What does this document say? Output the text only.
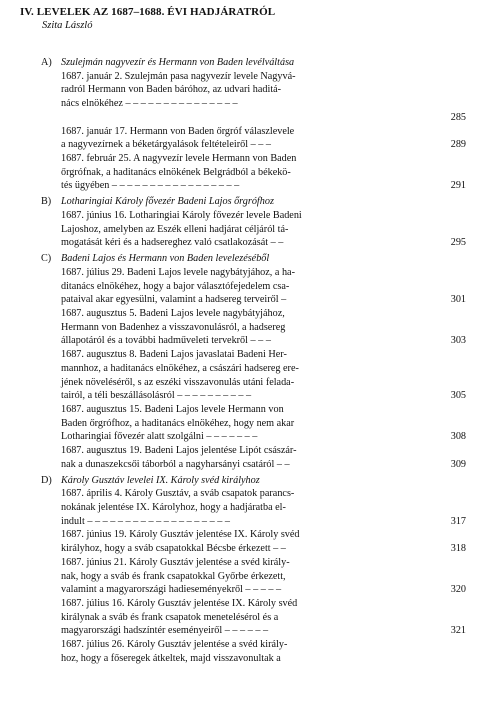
IV. LEVELEK AZ 1687–1688. ÉVI HADJÁRATRÓL
Szita László
A) Szulejmán nagyvezír és Hermann von Baden levélváltása
1687. január 2. Szulejmán pasa nagyvezír levele Nagyvá-
radról Hermann von Baden báróhoz, az udvari haditá-
nács elnökéhez – – – – – – – – – – – – – – –
285
1687. január 17. Hermann von Baden őrgróf válaszlevele
a nagyvezírnek a béketárgyalások feltételeiről – – –	289
1687. február 25. A nagyvezír levele Hermann von Baden
őrgrófnak, a haditanács elnökének Belgrádból a békekö-
tés ügyében – – – – – – – – – – – – – – – – –	291
B) Lotharingiai Károly fővezér Badeni Lajos őrgrófhoz
1687. június 16. Lotharingiai Károly fővezér levele Badeni
Lajoshoz, amelyben az Eszék elleni hadjárat céljáról tá-
mogatását kéri és a hadsereghez való csatlakozását – –	295
C) Badeni Lajos és Hermann von Baden levelezéséből
1687. július 29. Badeni Lajos levele nagybátyjához, a ha-
ditanács elnökéhez, hogy a bajor választófejedelem csa-
pataival akar egyesülni, valamint a hadsereg terveiről –	301
1687. augusztus 5. Badeni Lajos levele nagybátyjához,
Hermann von Badenhez a visszavonulásról, a hadsereg
állapotáról és a további hadműveleti tervekről – – –	303
1687. augusztus 8. Badeni Lajos javaslatai Badeni Her-
mannhoz, a haditanács elnökéhez, a császári hadsereg ere-
jének növeléséről, s az eszéki visszavonulás utáni felada-
tairól, a téli beszállásolásról – – – – – – – – – –	305
1687. augusztus 15. Badeni Lajos levele Hermann von
Baden őrgrófhoz, a haditanács elnökéhez, hogy nem akar
Lotharingiai fővezér alatt szolgálni – – – – – – –	308
1687. augusztus 19. Badeni Lajos jelentése Lipót császár-
nak a dunaszekcsői táborból a nagyharsányi csatáról – –	309
D) Károly Gusztáv levelei IX. Károly svéd királyhoz
1687. április 4. Károly Gusztáv, a sváb csapatok parancs-
nokának jelentése IX. Károlyhoz, hogy a hadjáratba el-
indult – – – – – – – – – – – – – – – – – – –	317
1687. június 19. Károly Gusztáv jelentése IX. Károly svéd
királyhoz, hogy a sváb csapatokkal Bécsbe érkezett – –	318
1687. június 21. Károly Gusztáv jelentése a svéd király-
nak, hogy a sváb és frank csapatokkal Győrbe érkezett,
valamint a magyarországi hadieseményekről – – – – –	320
1687. július 16. Károly Gusztáv jelentése IX. Károly svéd
királynak a sváb és frank csapatok menetelésérol és a
magyarországi hadszíntér eseményeiről – – – – – –	321
1687. július 26. Károly Gusztáv jelentése a svéd király-
hoz, hogy a főseregek átkeltek, majd visszavonultak a
